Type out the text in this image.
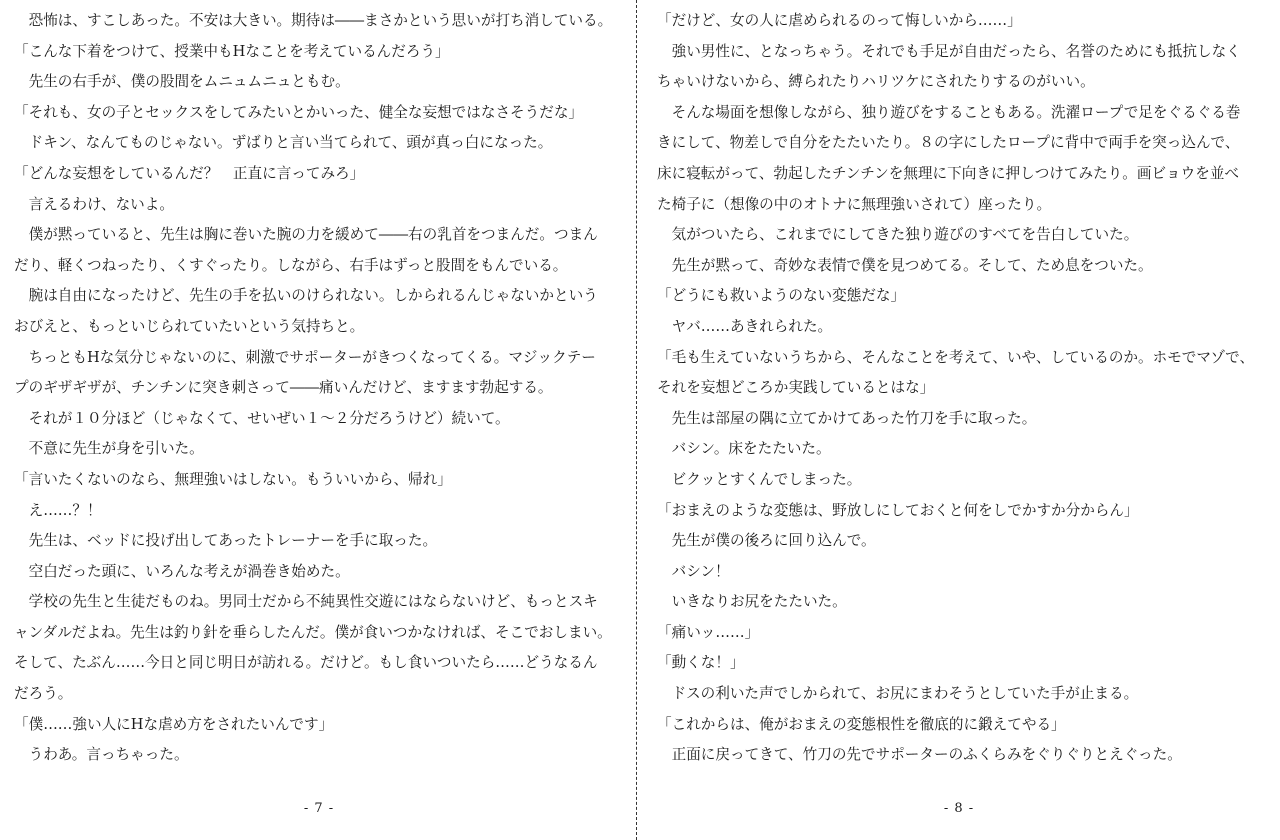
　恐怖は、すこしあった。不安は大きい。期待は――まさかという思いが打ち消している。
「こんな下着をつけて、授業中もHなことを考えているんだろう」
　先生の右手が、僕の股間をムニュムニュともむ。
「それも、女の子とセックスをしてみたいとかいった、健全な妄想ではなさそうだな」
　ドキン、なんてものじゃない。ずばりと言い当てられて、頭が真っ白になった。
「どんな妄想をしているんだ？　正直に言ってみろ」
　言えるわけ、ないよ。
　僕が黙っていると、先生は胸に巻いた腕の力を緩めて――右の乳首をつまんだ。つまん
だり、軽くつねったり、くすぐったり。しながら、右手はずっと股間をもんでいる。
　腕は自由になったけど、先生の手を払いのけられない。しかられるんじゃないかという
おびえと、もっといじられていたいという気持ちと。
　ちっともHな気分じゃないのに、刺激でサポーターがきつくなってくる。マジックテー
プのギザギザが、チンチンに突き刺さって――痛いんだけど、ますます勃起する。
　それが１０分ほど（じゃなくて、せいぜい１～２分だろうけど）続いて。
　不意に先生が身を引いた。
「言いたくないのなら、無理強いはしない。もういいから、帰れ」
　え……？！
　先生は、ベッドに投げ出してあったトレーナーを手に取った。
　空白だった頭に、いろんな考えが渦巻き始めた。
　学校の先生と生徒だものね。男同士だから不純異性交遊にはならないけど、もっとスキ
ャンダルだよね。先生は釣り針を垂らしたんだ。僕が食いつかなければ、そこでおしまい。
そして、たぶん……今日と同じ明日が訪れる。だけど。もし食いついたら……どうなるん
だろう。
「僕……強い人にHな虐め方をされたいんです」
　うわあ。言っちゃった。
- 7 -
「だけど、女の人に虐められるのって悔しいから……」
　強い男性に、となっちゃう。それでも手足が自由だったら、名誉のためにも抵抗しなく
ちゃいけないから、縛られたりハリツケにされたりするのがいい。
　そんな場面を想像しながら、独り遊びをすることもある。洗濯ロープで足をぐるぐる巻
きにして、物差しで自分をたたいたり。８の字にしたロープに背中で両手を突っ込んで、
床に寝転がって、勃起したチンチンを無理に下向きに押しつけてみたり。画ビョウを並べ
た椅子に（想像の中のオトナに無理強いされて）座ったり。
　気がついたら、これまでにしてきた独り遊びのすべてを告白していた。
　先生が黙って、奇妙な表情で僕を見つめてる。そして、ため息をついた。
「どうにも救いようのない変態だな」
　ヤバ……あきれられた。
「毛も生えていないうちから、そんなことを考えて、いや、しているのか。ホモでマゾで、
それを妄想どころか実践しているとはな」
　先生は部屋の隅に立てかけてあった竹刀を手に取った。
　バシン。床をたたいた。
　ビクッとすくんでしまった。
「おまえのような変態は、野放しにしておくと何をしでかすか分からん」
　先生が僕の後ろに回り込んで。
　バシン！
　いきなりお尻をたたいた。
「痛いッ……」
「動くな！」
　ドスの利いた声でしかられて、お尻にまわそうとしていた手が止まる。
「これからは、俺がおまえの変態根性を徹底的に鍛えてやる」
　正面に戻ってきて、竹刀の先でサポーターのふくらみをぐりぐりとえぐった。
- 8 -
